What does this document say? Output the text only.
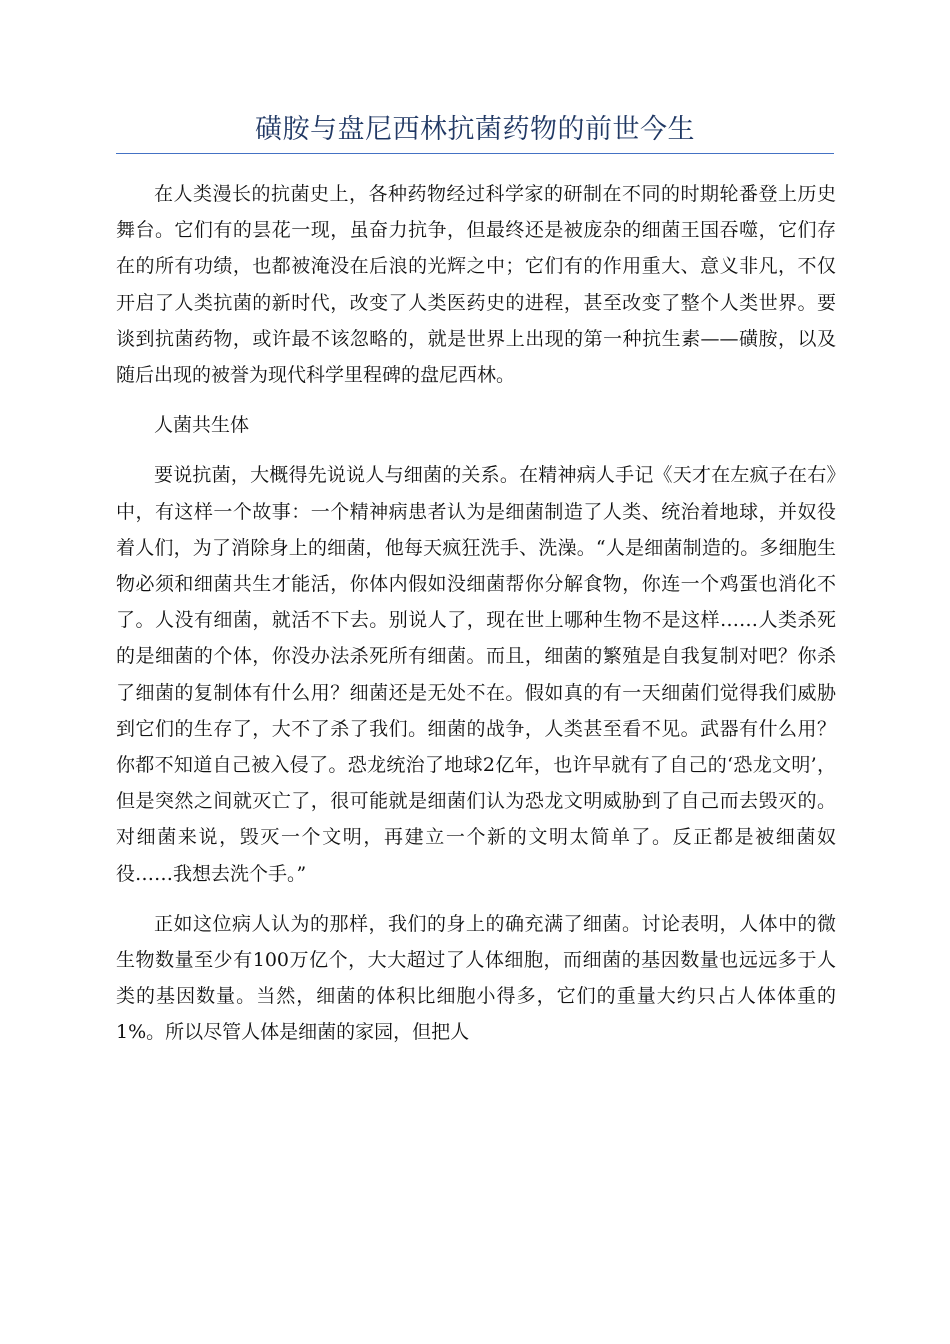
磺胺与盘尼西林抗菌药物的前世今生

在人类漫长的抗菌史上，各种药物经过科学家的研制在不同的时期轮番登上历史舞台。它们有的昙花一现，虽奋力抗争，但最终还是被庞杂的细菌王国吞噬，它们存在的所有功绩，也都被淹没在后浪的光辉之中；它们有的作用重大、意义非凡，不仅开启了人类抗菌的新时代，改变了人类医药史的进程，甚至改变了整个人类世界。要谈到抗菌药物，或许最不该忽略的，就是世界上出现的第一种抗生素——磺胺，以及随后出现的被誉为现代科学里程碑的盘尼西林。

人菌共生体

要说抗菌，大概得先说说人与细菌的关系。在精神病人手记《天才在左疯子在右》中，有这样一个故事：一个精神病患者认为是细菌制造了人类、统治着地球，并奴役着人们，为了消除身上的细菌，他每天疯狂洗手、洗澡。“人是细菌制造的。多细胞生物必须和细菌共生才能活，你体内假如没细菌帮你分解食物，你连一个鸡蛋也消化不了。人没有细菌，就活不下去。别说人了，现在世上哪种生物不是这样……人类杀死的是细菌的个体，你没办法杀死所有细菌。而且，细菌的繁殖是自我复制对吧？你杀了细菌的复制体有什么用？细菌还是无处不在。假如真的有一天细菌们觉得我们威胁到它们的生存了，大不了杀了我们。细菌的战争，人类甚至看不见。武器有什么用？你都不知道自己被入侵了。恐龙统治了地球2亿年，也许早就有了自己的‘恐龙文明’，但是突然之间就灭亡了，很可能就是细菌们认为恐龙文明威胁到了自己而去毁灭的。对细菌来说，毁灭一个文明，再建立一个新的文明太简单了。反正都是被细菌奴役……我想去洗个手。”

正如这位病人认为的那样，我们的身上的确充满了细菌。讨论表明，人体中的微生物数量至少有100万亿个，大大超过了人体细胞，而细菌的基因数量也远远多于人类的基因数量。当然，细菌的体积比细胞小得多，它们的重量大约只占人体体重的1%。所以尽管人体是细菌的家园，但把人
